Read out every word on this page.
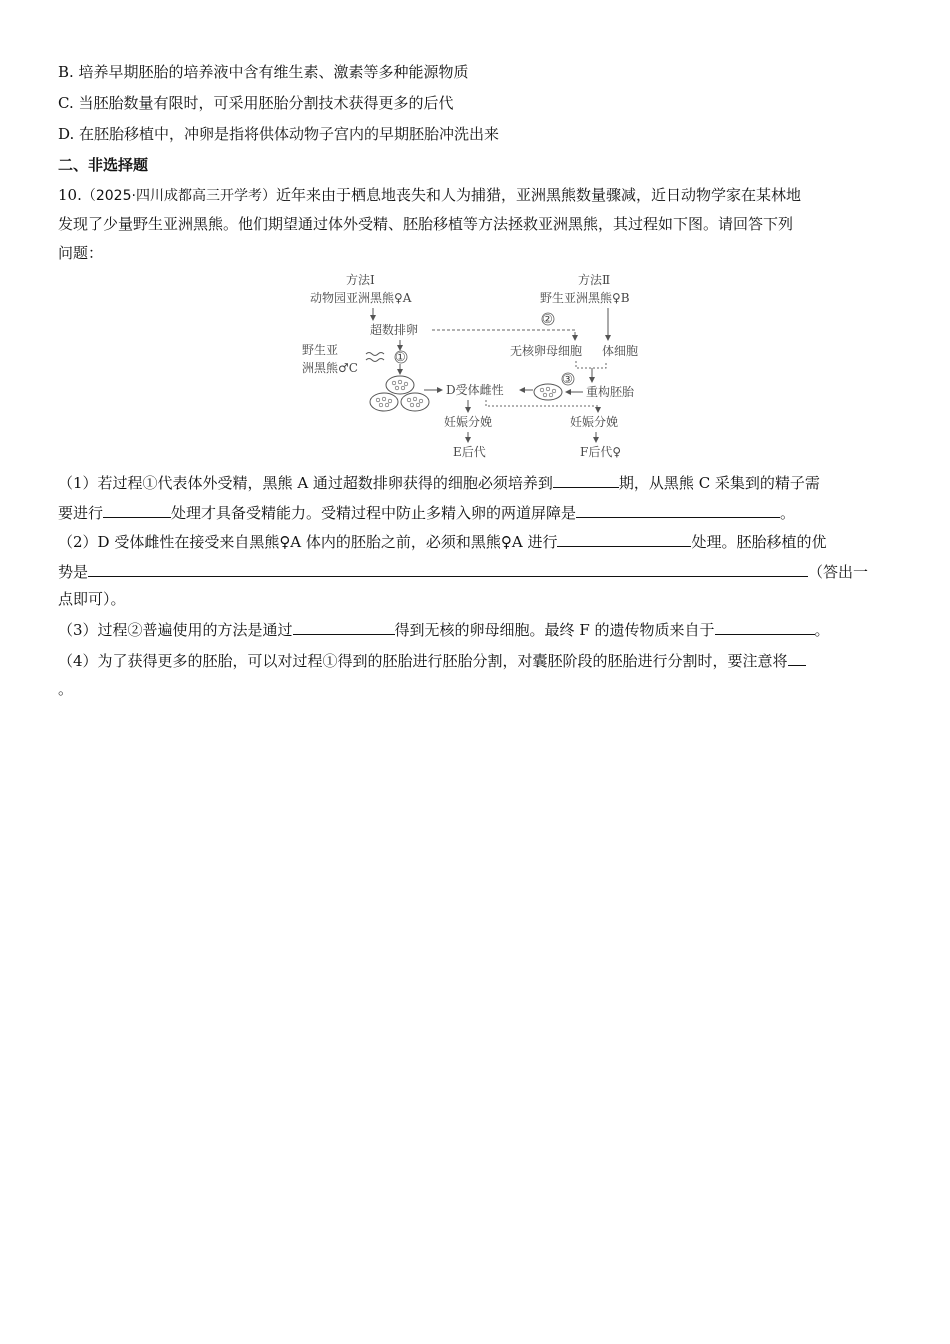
B. 培养早期胚胎的培养液中含有维生素、激素等多种能源物质
C. 当胚胎数量有限时，可采用胚胎分割技术获得更多的后代
D. 在胚胎移植中，冲卵是指将供体动物子宫内的早期胚胎冲洗出来
二、非选择题
10.（2025·四川成都高三开学考）近年来由于栖息地丧失和人为捕猎，亚洲黑熊数量骤减，近日动物学家在某林地
发现了少量野生亚洲黑熊。他们期望通过体外受精、胚胎移植等方法拯救亚洲黑熊，其过程如下图。请回答下列
问题：
方法Ⅰ
动物园亚洲黑熊♀A
超数排卵
野生亚
洲黑熊♂C
①
D受体雌性
妊娠分娩
E后代
方法Ⅱ
野生亚洲黑熊♀B
②
无核卵母细胞 体细胞
重构胚胎
③
妊娠分娩
F后代♀
（1）若过程①代表体外受精，黑熊 A 通过超数排卵获得的细胞必须培养到	期，从黑熊 C 采集到的精子需
要进行	处理才具备受精能力。受精过程中防止多精入卵的两道屏障是	。
（2）D 受体雌性在接受来自黑熊♀A 体内的胚胎之前，必须和黑熊♀A 进行	处理。胚胎移植的优
势是	（答出一
点即可）。
（3）过程②普遍使用的方法是通过	得到无核的卵母细胞。最终 F 的遗传物质来自于	。
（4）为了获得更多的胚胎，可以对过程①得到的胚胎进行胚胎分割，对囊胚阶段的胚胎进行分割时，要注意将
。
